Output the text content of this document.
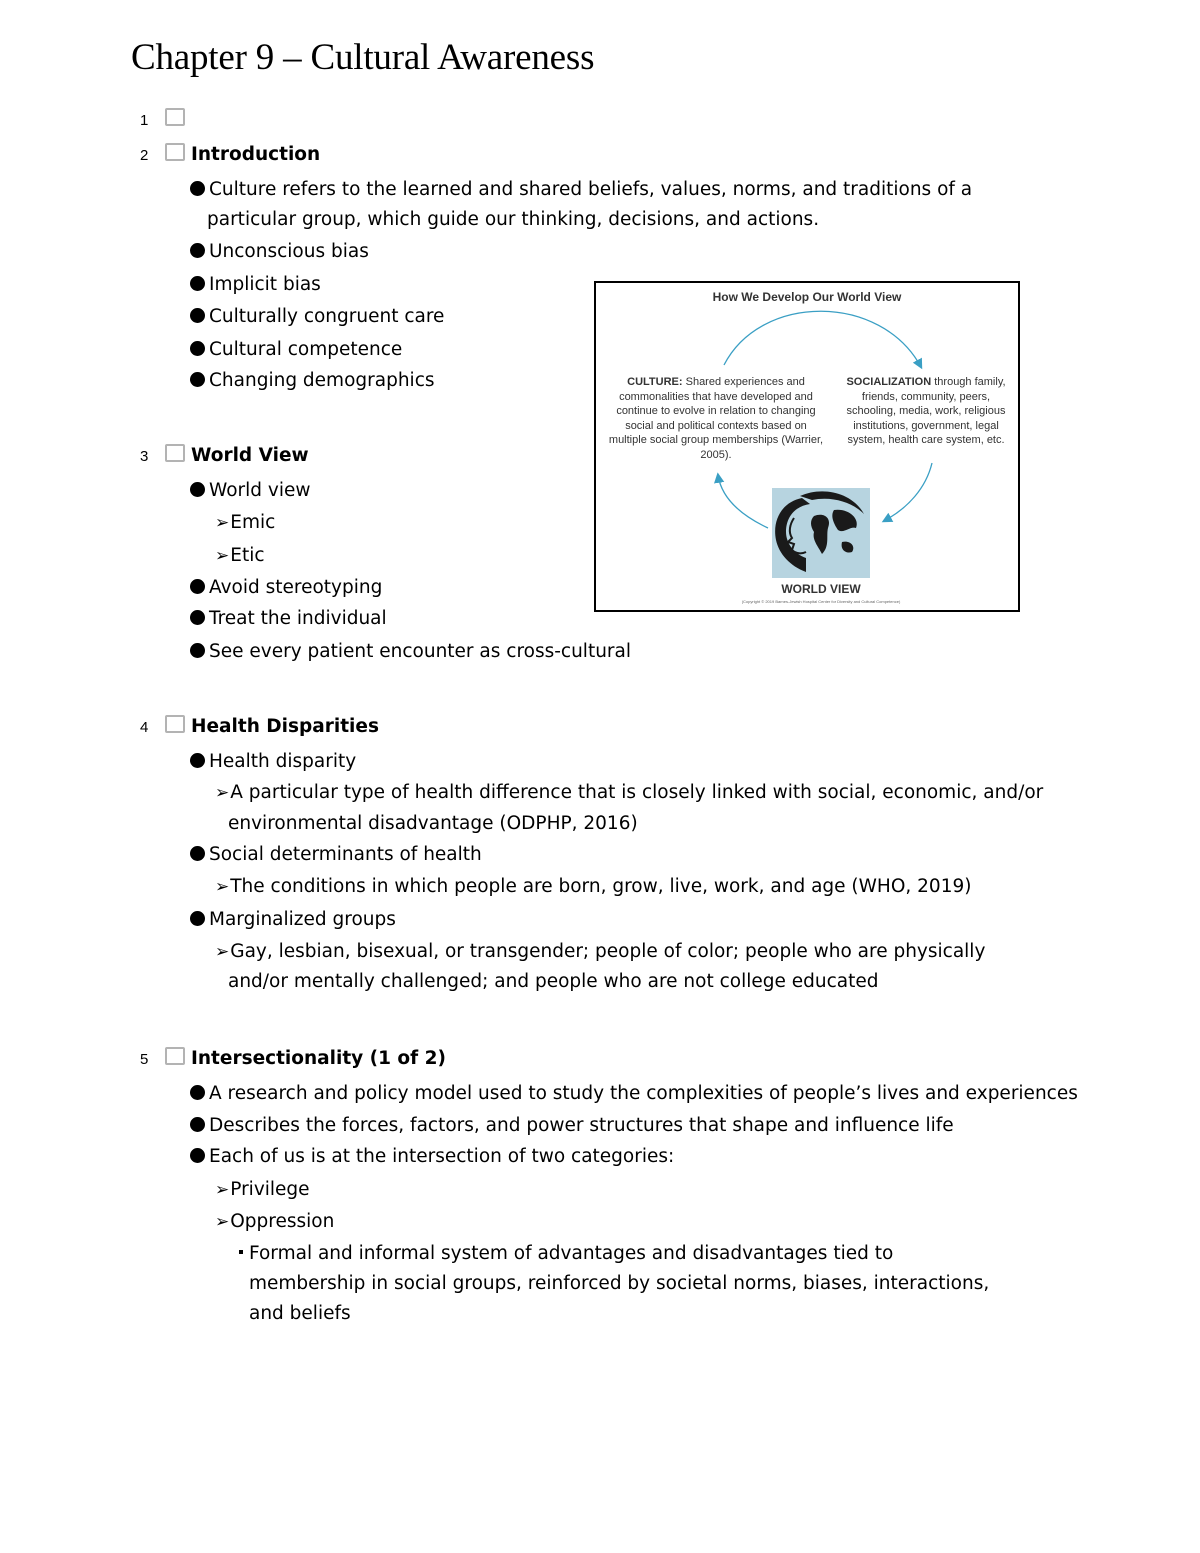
Chapter 9 – Cultural Awareness
1
2 Introduction
Culture refers to the learned and shared beliefs, values, norms, and traditions of a
particular group, which guide our thinking, decisions, and actions.
Unconscious bias
Implicit bias
Culturally congruent care
Cultural competence
Changing demographics
3 World View
World view
➢Emic
➢Etic
Avoid stereotyping
Treat the individual
See every patient encounter as cross-cultural
How We Develop Our World View
CULTURE: Shared experiences and commonalities that have developed and continue to evolve in relation to changing social and political contexts based on multiple social group memberships (Warrier, 2005).
SOCIALIZATION through family, friends, community, peers, schooling, media, work, religious institutions, government, legal system, health care system, etc.
WORLD VIEW
(Copyright © 2019 Barnes-Jewish Hospital Center for Diversity and Cultural Competence)
4 Health Disparities
Health disparity
➢A particular type of health difference that is closely linked with social, economic, and/or
environmental disadvantage (ODPHP, 2016)
Social determinants of health
➢The conditions in which people are born, grow, live, work, and age (WHO, 2019)
Marginalized groups
➢Gay, lesbian, bisexual, or transgender; people of color; people who are physically
and/or mentally challenged; and people who are not college educated
5 Intersectionality (1 of 2)
A research and policy model used to study the complexities of people’s lives and experiences
Describes the forces, factors, and power structures that shape and influence life
Each of us is at the intersection of two categories:
➢Privilege
➢Oppression
Formal and informal system of advantages and disadvantages tied to
membership in social groups, reinforced by societal norms, biases, interactions,
and beliefs
